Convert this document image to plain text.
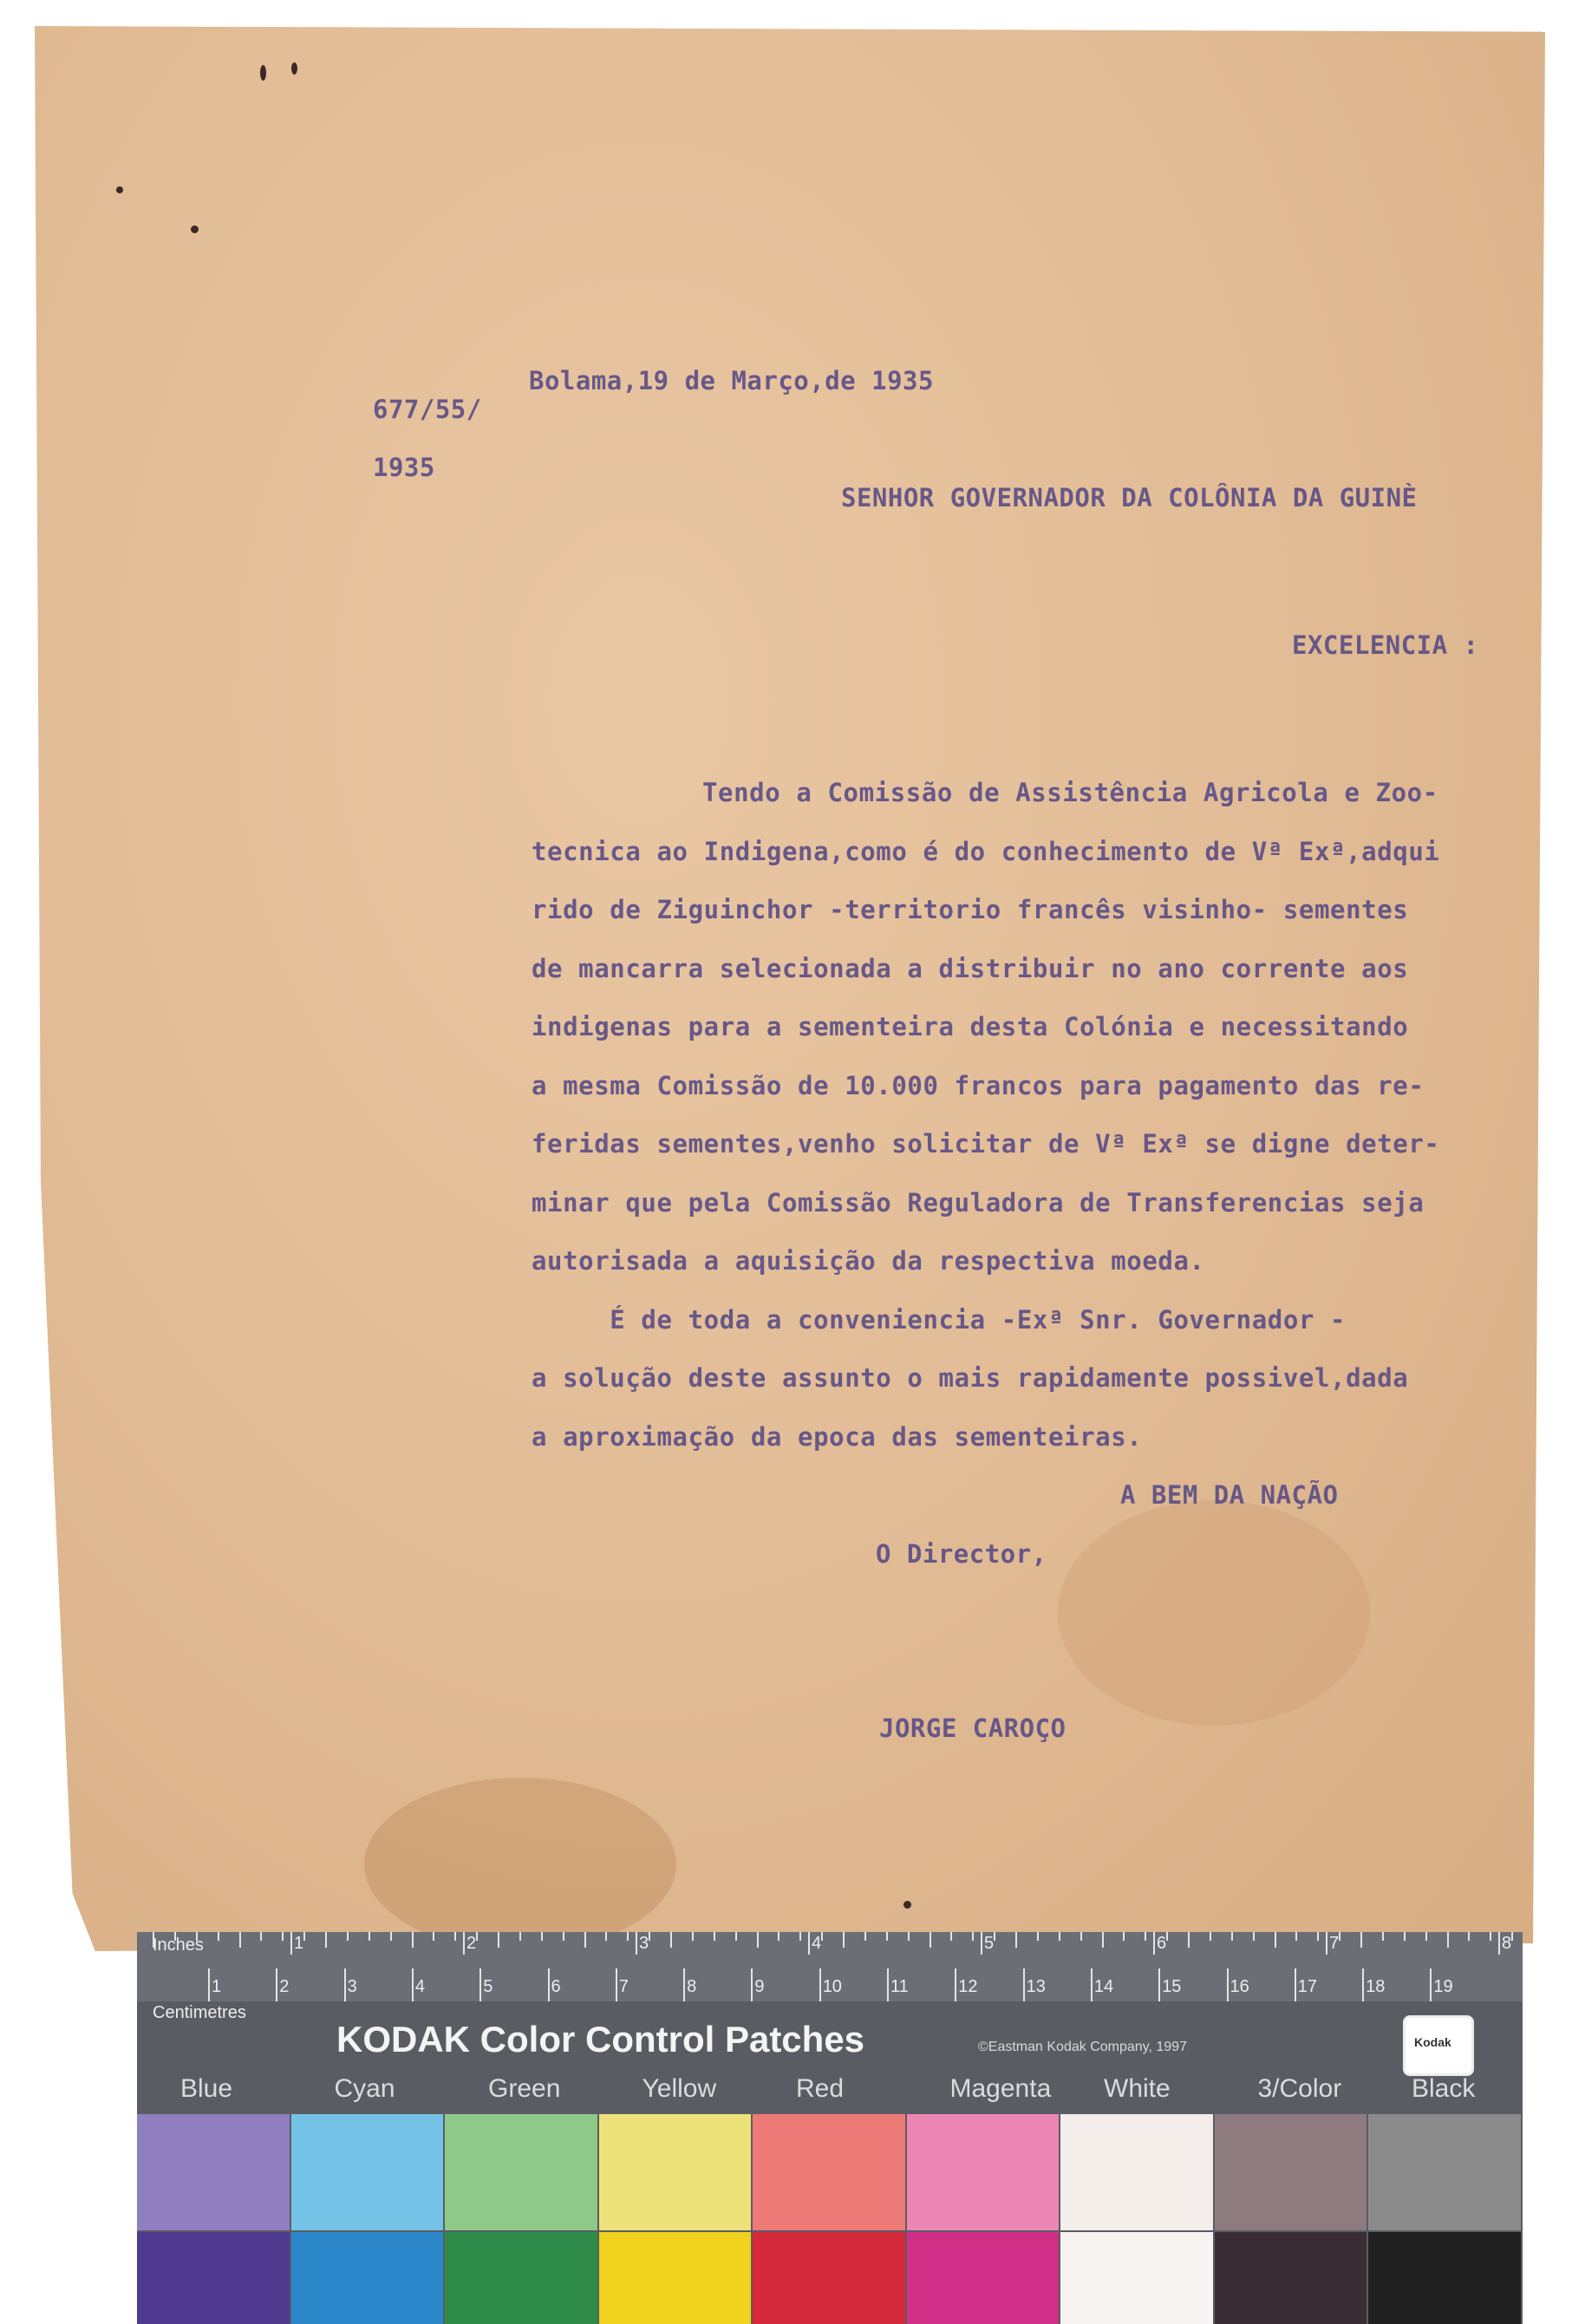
677/55/
1935
Bolama,19 de Março,de 1935
SENHOR GOVERNADOR DA COLÔNIA DA GUINÈ
EXCELENCIA :
Tendo a Comissão de Assistência Agricola e Zoo-
tecnica ao Indigena,como é do conhecimento de Vª Exª,adqui
rido de Ziguinchor -territorio francês visinho- sementes
de mancarra selecionada a distribuir no ano corrente aos
indigenas para a sementeira desta Colónia e necessitando
a mesma Comissão de 10.000 francos para pagamento das re-
feridas sementes,venho solicitar de Vª Exª se digne deter-
minar que pela Comissão Reguladora de Transferencias seja
autorisada a aquisição da respectiva moeda.
É de toda a conveniencia -Exª Snr. Governador -
a solução deste assunto o mais rapidamente possivel,dada
a aproximação da epoca das sementeiras.
A BEM DA NAÇÃO
O Director,
JORGE CAROÇO
1	2	3	4	5	6	7	8
1	2	3	4	5	6	7	8	9	10	11	12	13	14	15	16	17	18	19
Inches
Centimetres
KODAK Color Control Patches	©Eastman Kodak Company, 1997	Kodak
Blue	Cyan	Green	Yellow	Red	Magenta White	3/Color	Black
